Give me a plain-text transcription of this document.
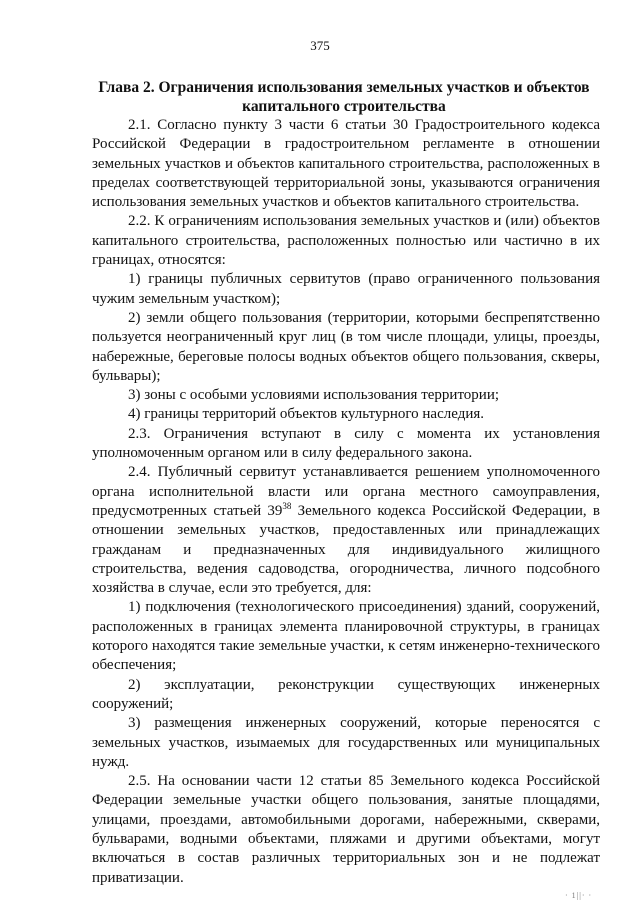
375
Глава 2. Ограничения использования земельных участков и объектов капитального строительства

2.1. Согласно пункту 3 части 6 статьи 30 Градостроительного кодекса Российской Федерации в градостроительном регламенте в отношении земельных участков и объектов капитального строительства, расположенных в пределах соответствующей территориальной зоны, указываются ограничения использования земельных участков и объектов капитального строительства.

2.2. К ограничениям использования земельных участков и (или) объектов капитального строительства, расположенных полностью или частично в их границах, относятся:

1) границы публичных сервитутов (право ограниченного пользования чужим земельным участком);

2) земли общего пользования (территории, которыми беспрепятственно пользуется неограниченный круг лиц (в том числе площади, улицы, проезды, набережные, береговые полосы водных объектов общего пользования, скверы, бульвары);

3) зоны с особыми условиями использования территории;

4) границы территорий объектов культурного наследия.

2.3. Ограничения вступают в силу с момента их установления уполномоченным органом или в силу федерального закона.

2.4. Публичный сервитут устанавливается решением уполномоченного органа исполнительной власти или органа местного самоуправления, предусмотренных статьей $39^{38}$ Земельного кодекса Российской Федерации, в отношении земельных участков, предоставленных или принадлежащих гражданам и предназначенных для индивидуального жилищного строительства, ведения садоводства, огородничества, личного подсобного хозяйства в случае, если это требуется, для:

1) подключения (технологического присоединения) зданий, сооружений, расположенных в границах элемента планировочной структуры, в границах которого находятся такие земельные участки, к сетям инженерно-технического обеспечения;

2) эксплуатации, реконструкции существующих инженерных сооружений;

3) размещения инженерных сооружений, которые переносятся с земельных участков, изымаемых для государственных или муниципальных нужд.

2.5. На основании части 12 статьи 85 Земельного кодекса Российской Федерации земельные участки общего пользования, занятые площадями, улицами, проездами, автомобильными дорогами, набережными, скверами, бульварами, водными объектами, пляжами и другими объектами, могут включаться в состав различных территориальных зон и не подлежат приватизации.

· 1||· ·
